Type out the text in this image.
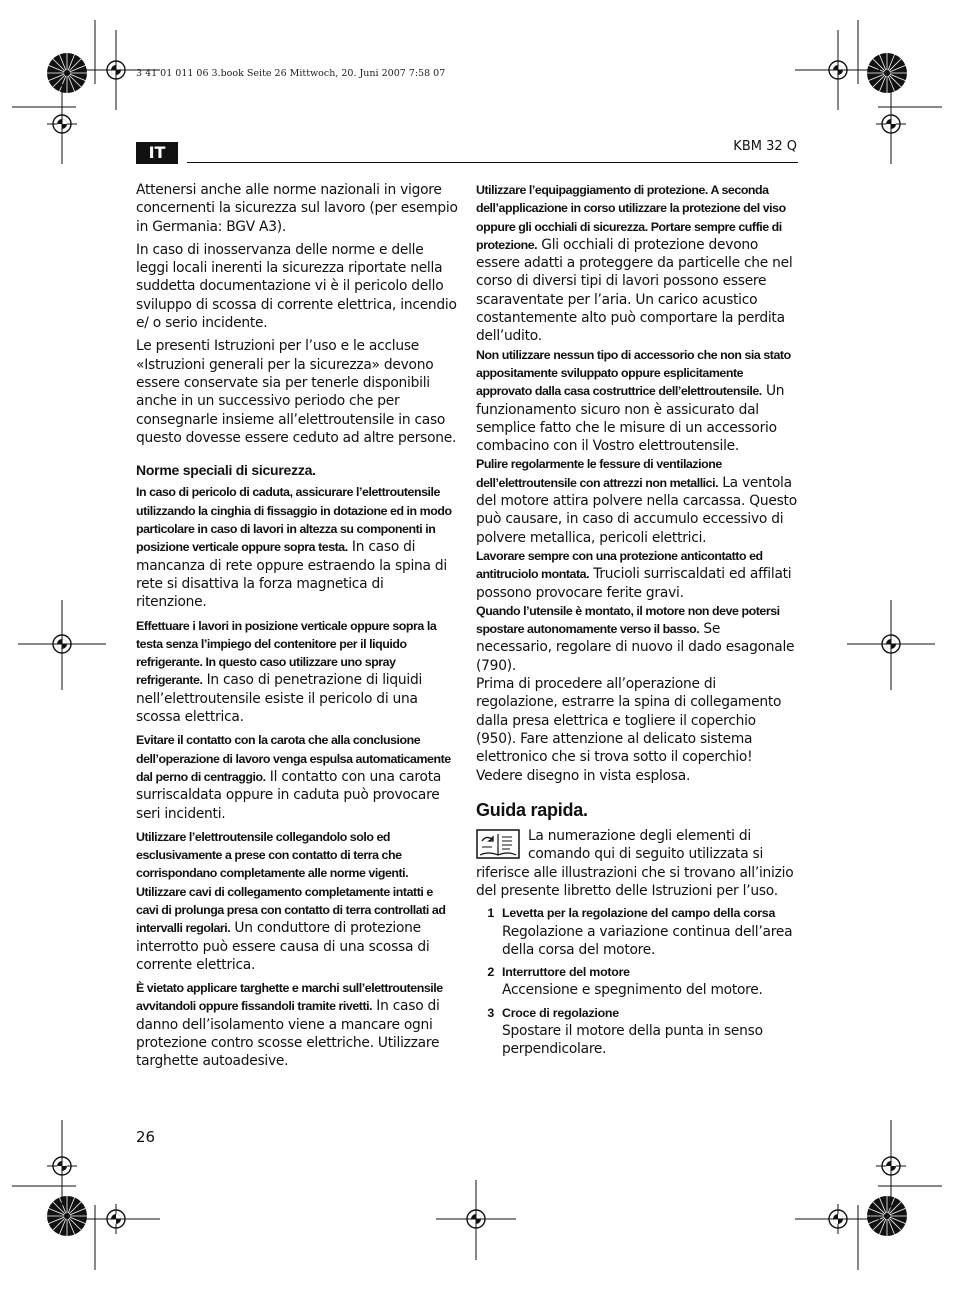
3 41 01 011 06 3.book Seite 26 Mittwoch, 20. Juni 2007 7:58 07
IT	KBM 32 Q

Attenersi anche alle norme nazionali in vigore concernenti la sicurezza sul lavoro (per esempio in Germania: BGV A3).

In caso di inosservanza delle norme e delle leggi locali inerenti la sicurezza riportate nella suddetta documentazione vi è il pericolo dello sviluppo di scossa di corrente elettrica, incendio e/ o serio incidente.

Le presenti Istruzioni per l’uso e le accluse «Istruzioni generali per la sicurezza» devono essere conservate sia per tenerle disponibili anche in un successivo periodo che per consegnarle insieme all’elettroutensile in caso questo dovesse essere ceduto ad altre persone.

Norme speciali di sicurezza.

In caso di pericolo di caduta, assicurare l’elettroutensile utilizzando la cinghia di fissaggio in dotazione ed in modo particolare in caso di lavori in altezza su componenti in posizione verticale oppure sopra testa. In caso di mancanza di rete oppure estraendo la spina di rete si disattiva la forza magnetica di ritenzione.

Effettuare i lavori in posizione verticale oppure sopra la testa senza l’impiego del contenitore per il liquido refrigerante. In questo caso utilizzare uno spray refrigerante. In caso di penetrazione di liquidi nell’elettroutensile esiste il pericolo di una scossa elettrica.

Evitare il contatto con la carota che alla conclusione dell’operazione di lavoro venga espulsa automaticamente dal perno di centraggio. Il contatto con una carota surriscaldata oppure in caduta può provocare seri incidenti.

Utilizzare l’elettroutensile collegandolo solo ed esclusivamente a prese con contatto di terra che corrispondano completamente alle norme vigenti. Utilizzare cavi di collegamento completamente intatti e cavi di prolunga presa con contatto di terra controllati ad intervalli regolari. Un conduttore di protezione interrotto può essere causa di una scossa di corrente elettrica.

È vietato applicare targhette e marchi sull’elettroutensile avvitandoli oppure fissandoli tramite rivetti. In caso di danno dell’isolamento viene a mancare ogni protezione contro scosse elettriche. Utilizzare targhette autoadesive.

Utilizzare l’equipaggiamento di protezione. A seconda dell’applicazione in corso utilizzare la protezione del viso oppure gli occhiali di sicurezza. Portare sempre cuffie di protezione. Gli occhiali di protezione devono essere adatti a proteggere da particelle che nel corso di diversi tipi di lavori possono essere scaraventate per l’aria. Un carico acustico costantemente alto può comportare la perdita dell’udito.

Non utilizzare nessun tipo di accessorio che non sia stato appositamente sviluppato oppure esplicitamente approvato dalla casa costruttrice dell’elettroutensile. Un funzionamento sicuro non è assicurato dal semplice fatto che le misure di un accessorio combacino con il Vostro elettroutensile.

Pulire regolarmente le fessure di ventilazione dell’elettroutensile con attrezzi non metallici. La ventola del motore attira polvere nella carcassa. Questo può causare, in caso di accumulo eccessivo di polvere metallica, pericoli elettrici.

Lavorare sempre con una protezione anticontatto ed antitruciolo montata. Trucioli surriscaldati ed affilati possono provocare ferite gravi.

Quando l’utensile è montato, il motore non deve potersi spostare autonomamente verso il basso. Se necessario, regolare di nuovo il dado esagonale (790).

Prima di procedere all’operazione di regolazione, estrarre la spina di collegamento dalla presa elettrica e togliere il coperchio (950). Fare attenzione al delicato sistema elettronico che si trova sotto il coperchio!

Vedere disegno in vista esplosa.

Guida rapida.
La numerazione degli elementi di comando qui di seguito utilizzata si riferisce alle illustrazioni che si trovano all’inizio del presente libretto delle Istruzioni per l’uso.
1 Levetta per la regolazione del campo della corsa
Regolazione a variazione continua dell’area della corsa del motore.
2 Interruttore del motore
Accensione e spegnimento del motore.
3 Croce di regolazione
Spostare il motore della punta in senso perpendicolare.
26
